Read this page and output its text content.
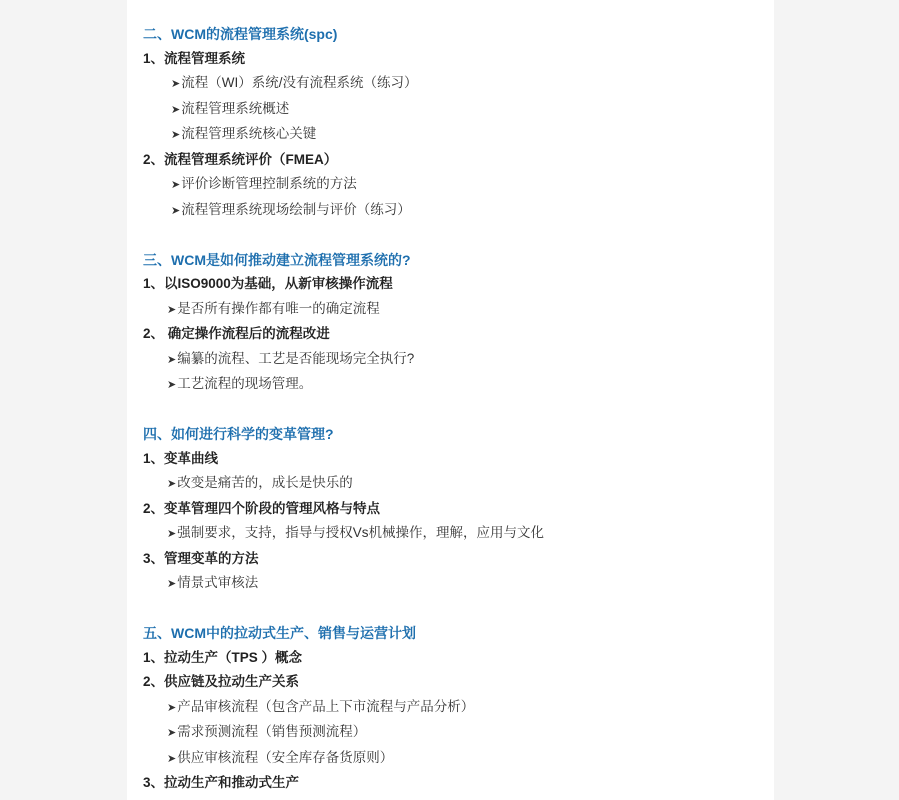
二、WCM的流程管理系统(spc)

1、流程管理系统

➤流程（WI）系统/没有流程系统（练习）

➤流程管理系统概述

➤流程管理系统核心关键

2、流程管理系统评价（FMEA）

➤评价诊断管理控制系统的方法

➤流程管理系统现场绘制与评价（练习）

三、WCM是如何推动建立流程管理系统的?

1、以ISO9000为基础，从新审核操作流程

➤是否所有操作都有唯一的确定流程

2、 确定操作流程后的流程改进

➤编纂的流程、工艺是否能现场完全执行?

➤工艺流程的现场管理。

四、如何进行科学的变革管理?

1、变革曲线

➤改变是痛苦的，成长是快乐的

2、变革管理四个阶段的管理风格与特点

➤强制要求，支持，指导与授权Vs机械操作，理解，应用与文化

3、管理变革的方法

➤情景式审核法

五、WCM中的拉动式生产、销售与运营计划

1、拉动生产（TPS ）概念

2、供应链及拉动生产关系

➤产品审核流程（包含产品上下市流程与产品分析）

➤需求预测流程（销售预测流程）

➤供应审核流程（安全库存备货原则）

3、拉动生产和推动式生产
